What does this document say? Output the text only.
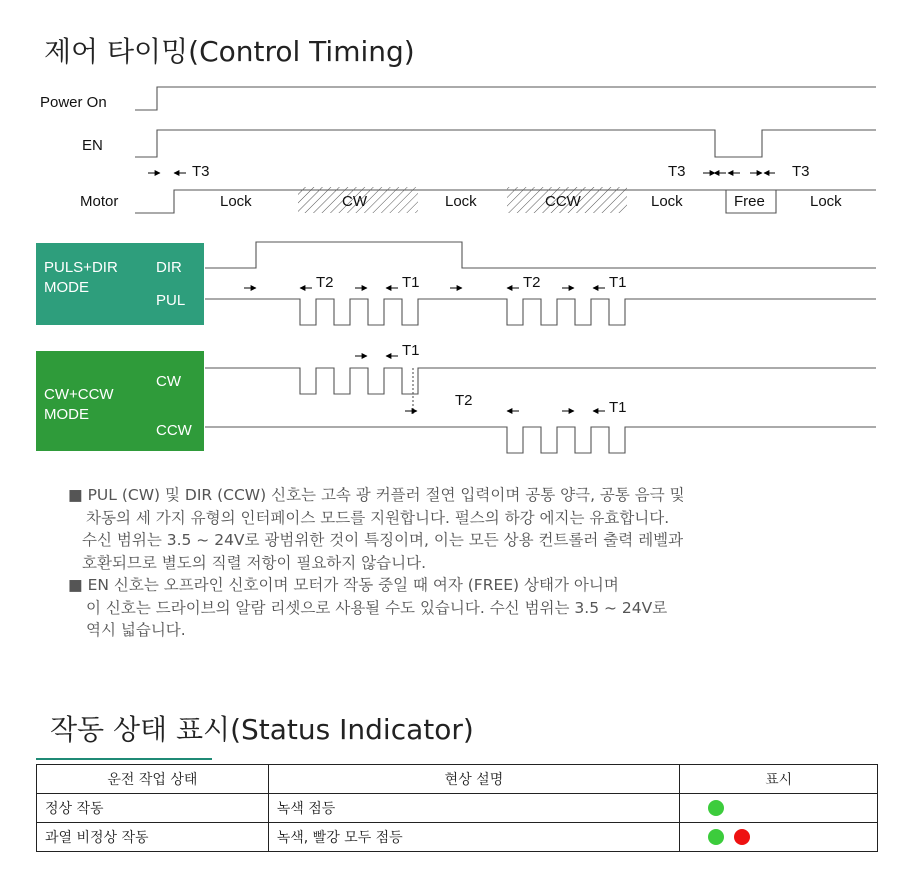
제어 타이밍(Control Timing)
Power On
EN
Motor	Lock	CW	Lock	CCW	Lock	Free	Lock
T3	T3	T3
T2	T1	T2	T1
T1
T2	T1
PULS+DIR
MODE
DIR
PUL
CW+CCW
MODE
CW
CCW
■ PUL (CW) 및 DIR (CCW) 신호는 고속 광 커플러 절연 입력이며 공통 양극, 공통 음극 및
차동의 세 가지 유형의 인터페이스 모드를 지원합니다. 펄스의 하강 에지는 유효합니다.
수신 범위는 3.5 ~ 24V로 광범위한 것이 특징이며, 이는 모든 상용 컨트롤러 출력 레벨과
호환되므로 별도의 직렬 저항이 필요하지 않습니다.
■ EN 신호는 오프라인 신호이며 모터가 작동 중일 때 여자 (FREE) 상태가 아니며
이 신호는 드라이브의 알람 리셋으로 사용될 수도 있습니다. 수신 범위는 3.5 ~ 24V로
역시 넓습니다.
작동 상태 표시(Status Indicator)
운전 작업 상태	현상 설명	표시
정상 작동	녹색 점등	
과열 비정상 작동	녹색, 빨강 모두 점등	
